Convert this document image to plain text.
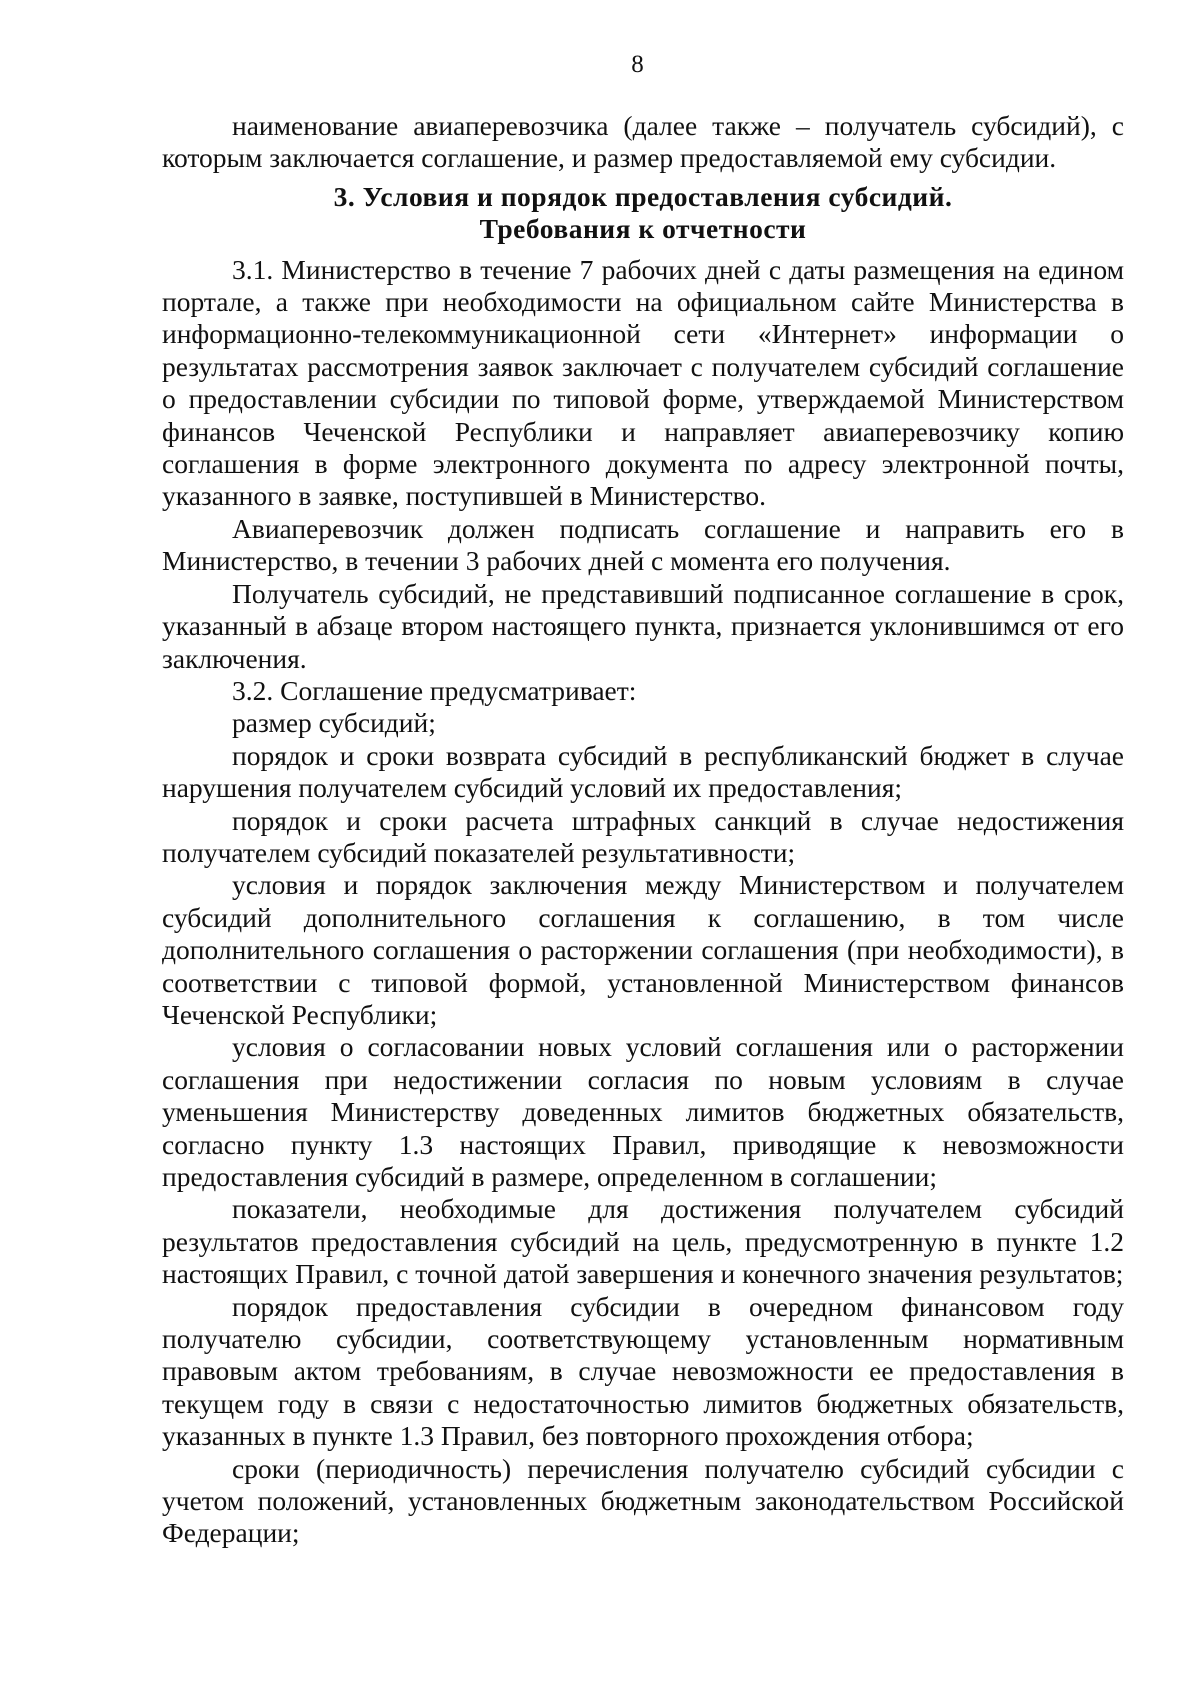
8

наименование авиаперевозчика (далее также – получатель субсидий), с которым заключается соглашение, и размер предоставляемой ему субсидии.

3. Условия и порядок предоставления субсидий.
Требования к отчетности

3.1. Министерство в течение 7 рабочих дней с даты размещения на едином портале, а также при необходимости на официальном сайте Министерства в информационно-телекоммуникационной сети «Интернет» информации о результатах рассмотрения заявок заключает с получателем субсидий соглашение о предоставлении субсидии по типовой форме, утверждаемой Министерством финансов Чеченской Республики и направляет авиаперевозчику копию соглашения в форме электронного документа по адресу электронной почты, указанного в заявке, поступившей в Министерство.

Авиаперевозчик должен подписать соглашение и направить его в Министерство, в течении 3 рабочих дней с момента его получения.

Получатель субсидий, не представивший подписанное соглашение в срок, указанный в абзаце втором настоящего пункта, признается уклонившимся от его заключения.

3.2. Соглашение предусматривает:

размер субсидий;

порядок и сроки возврата субсидий в республиканский бюджет в случае нарушения получателем субсидий условий их предоставления;

порядок и сроки расчета штрафных санкций в случае недостижения получателем субсидий показателей результативности;

условия и порядок заключения между Министерством и получателем субсидий дополнительного соглашения к соглашению, в том числе дополнительного соглашения о расторжении соглашения (при необходимости), в соответствии с типовой формой, установленной Министерством финансов Чеченской Республики;

условия о согласовании новых условий соглашения или о расторжении соглашения при недостижении согласия по новым условиям в случае уменьшения Министерству доведенных лимитов бюджетных обязательств, согласно пункту 1.3 настоящих Правил, приводящие к невозможности предоставления субсидий в размере, определенном в соглашении;

показатели, необходимые для достижения получателем субсидий результатов предоставления субсидий на цель, предусмотренную в пункте 1.2 настоящих Правил, с точной датой завершения и конечного значения результатов;

порядок предоставления субсидии в очередном финансовом году получателю субсидии, соответствующему установленным нормативным правовым актом требованиям, в случае невозможности ее предоставления в текущем году в связи с недостаточностью лимитов бюджетных обязательств, указанных в пункте 1.3 Правил, без повторного прохождения отбора;

сроки (периодичность) перечисления получателю субсидий субсидии с учетом положений, установленных бюджетным законодательством Российской Федерации;
